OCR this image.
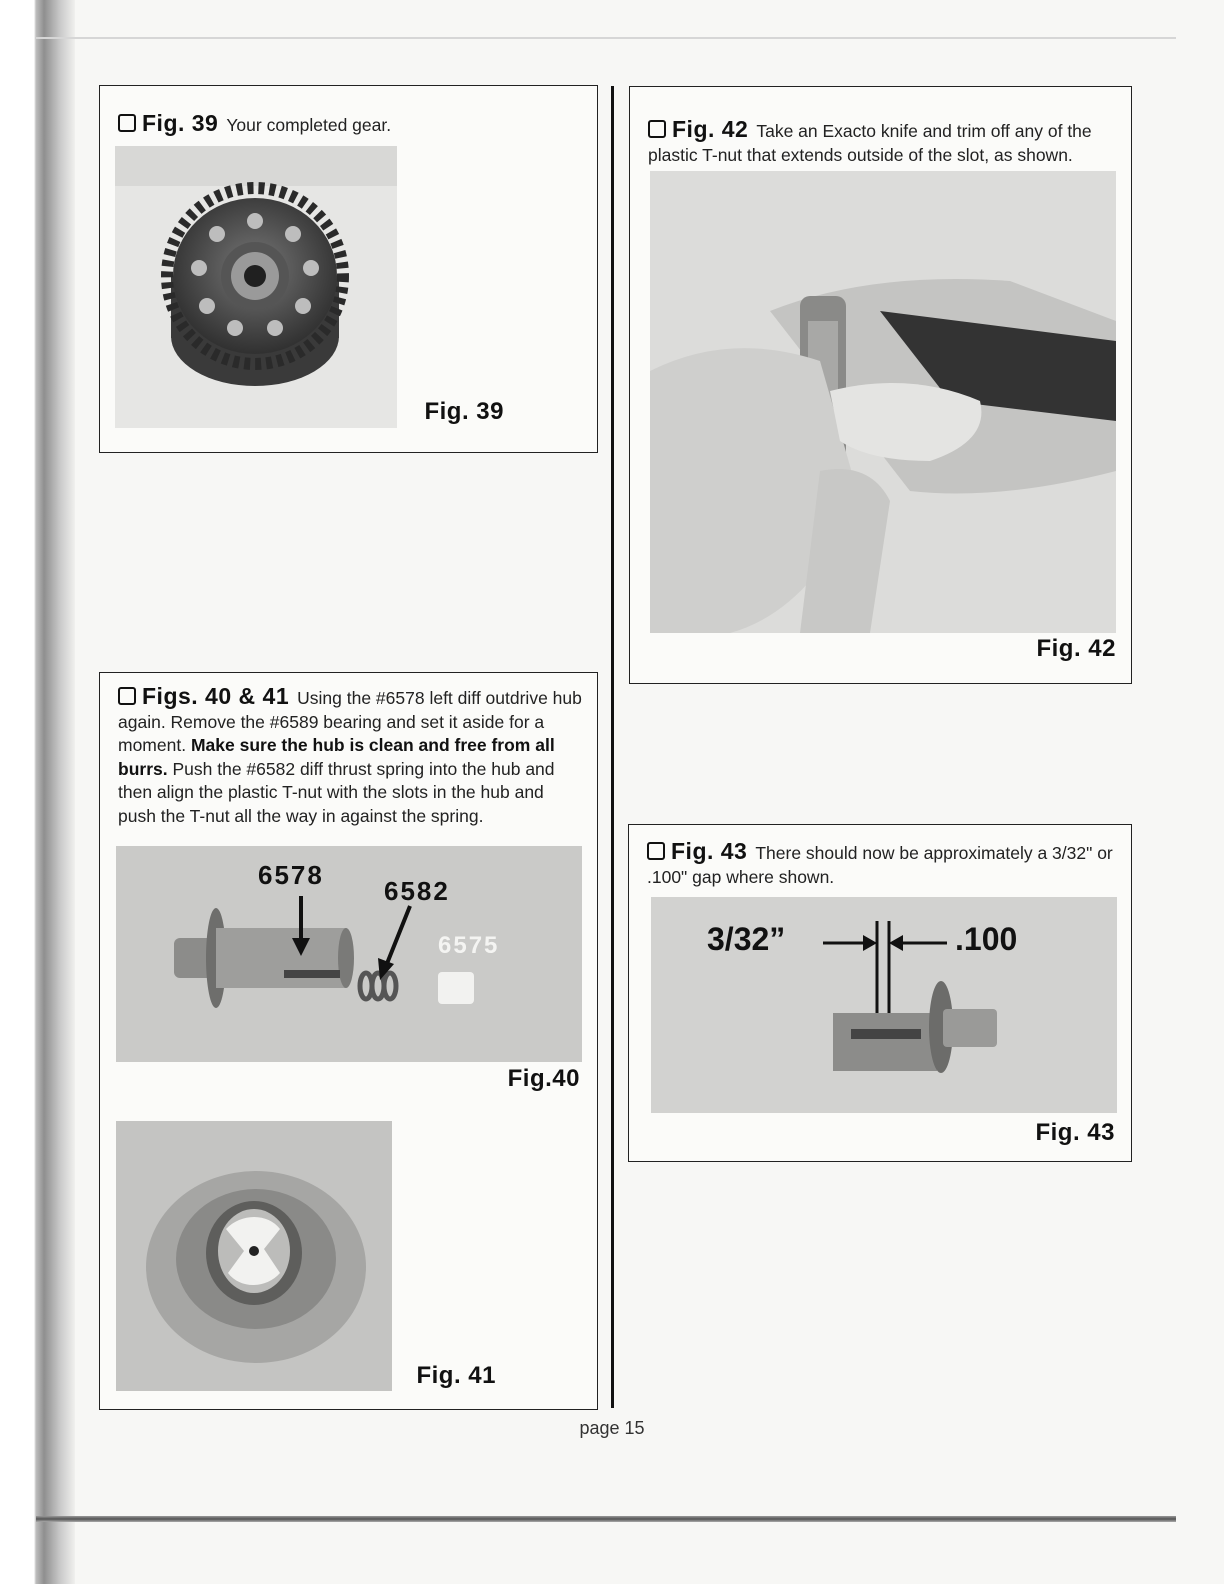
Fig. 39 Your completed gear.
Fig. 39
Figs. 40 & 41 Using the #6578 left diff outdrive hub again. Remove the #6589 bearing and set it aside for a moment. Make sure the hub is clean and free from all burrs. Push the #6582 diff thrust spring into the hub and then align the plastic T-nut with the slots in the hub and push the T-nut all the way in against the spring.
6578
6582
6575
Fig.40
Fig. 41
Fig. 42 Take an Exacto knife and trim off any of the plastic T-nut that extends outside of the slot, as shown.
Fig. 42
Fig. 43 There should now be approximately a 3/32" or .100" gap where shown.
3/32”	.100
Fig. 43
page 15
